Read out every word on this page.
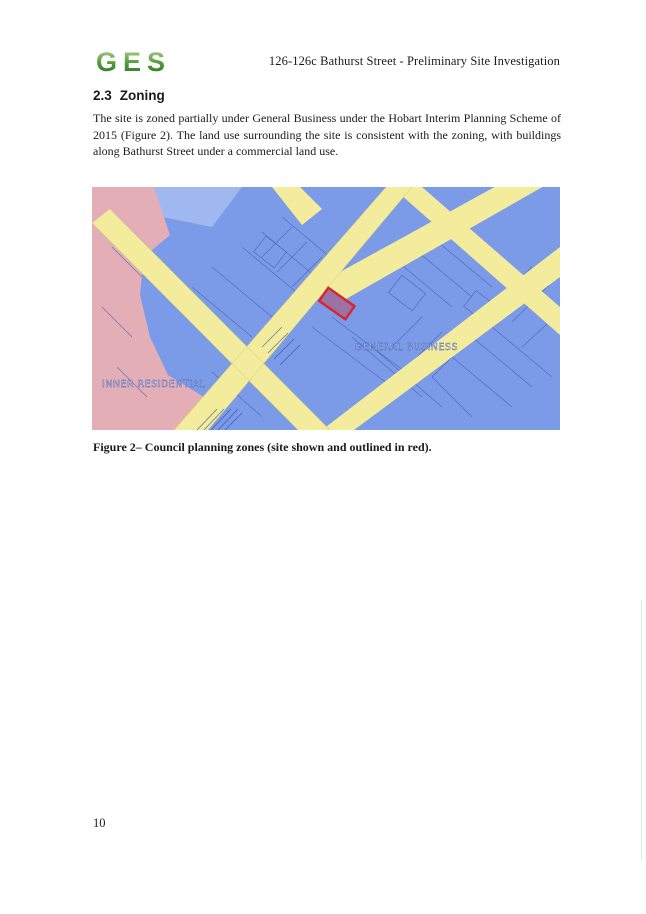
GES	126-126c Bathurst Street - Preliminary Site Investigation
2.3 Zoning
The site is zoned partially under General Business under the Hobart Interim Planning Scheme of 2015 (Figure 2). The land use surrounding the site is consistent with the zoning, with buildings along Bathurst Street under a commercial land use.
GENERAL BUSINESS
INNER RESIDENTIAL
Figure 2– Council planning zones (site shown and outlined in red).
10
